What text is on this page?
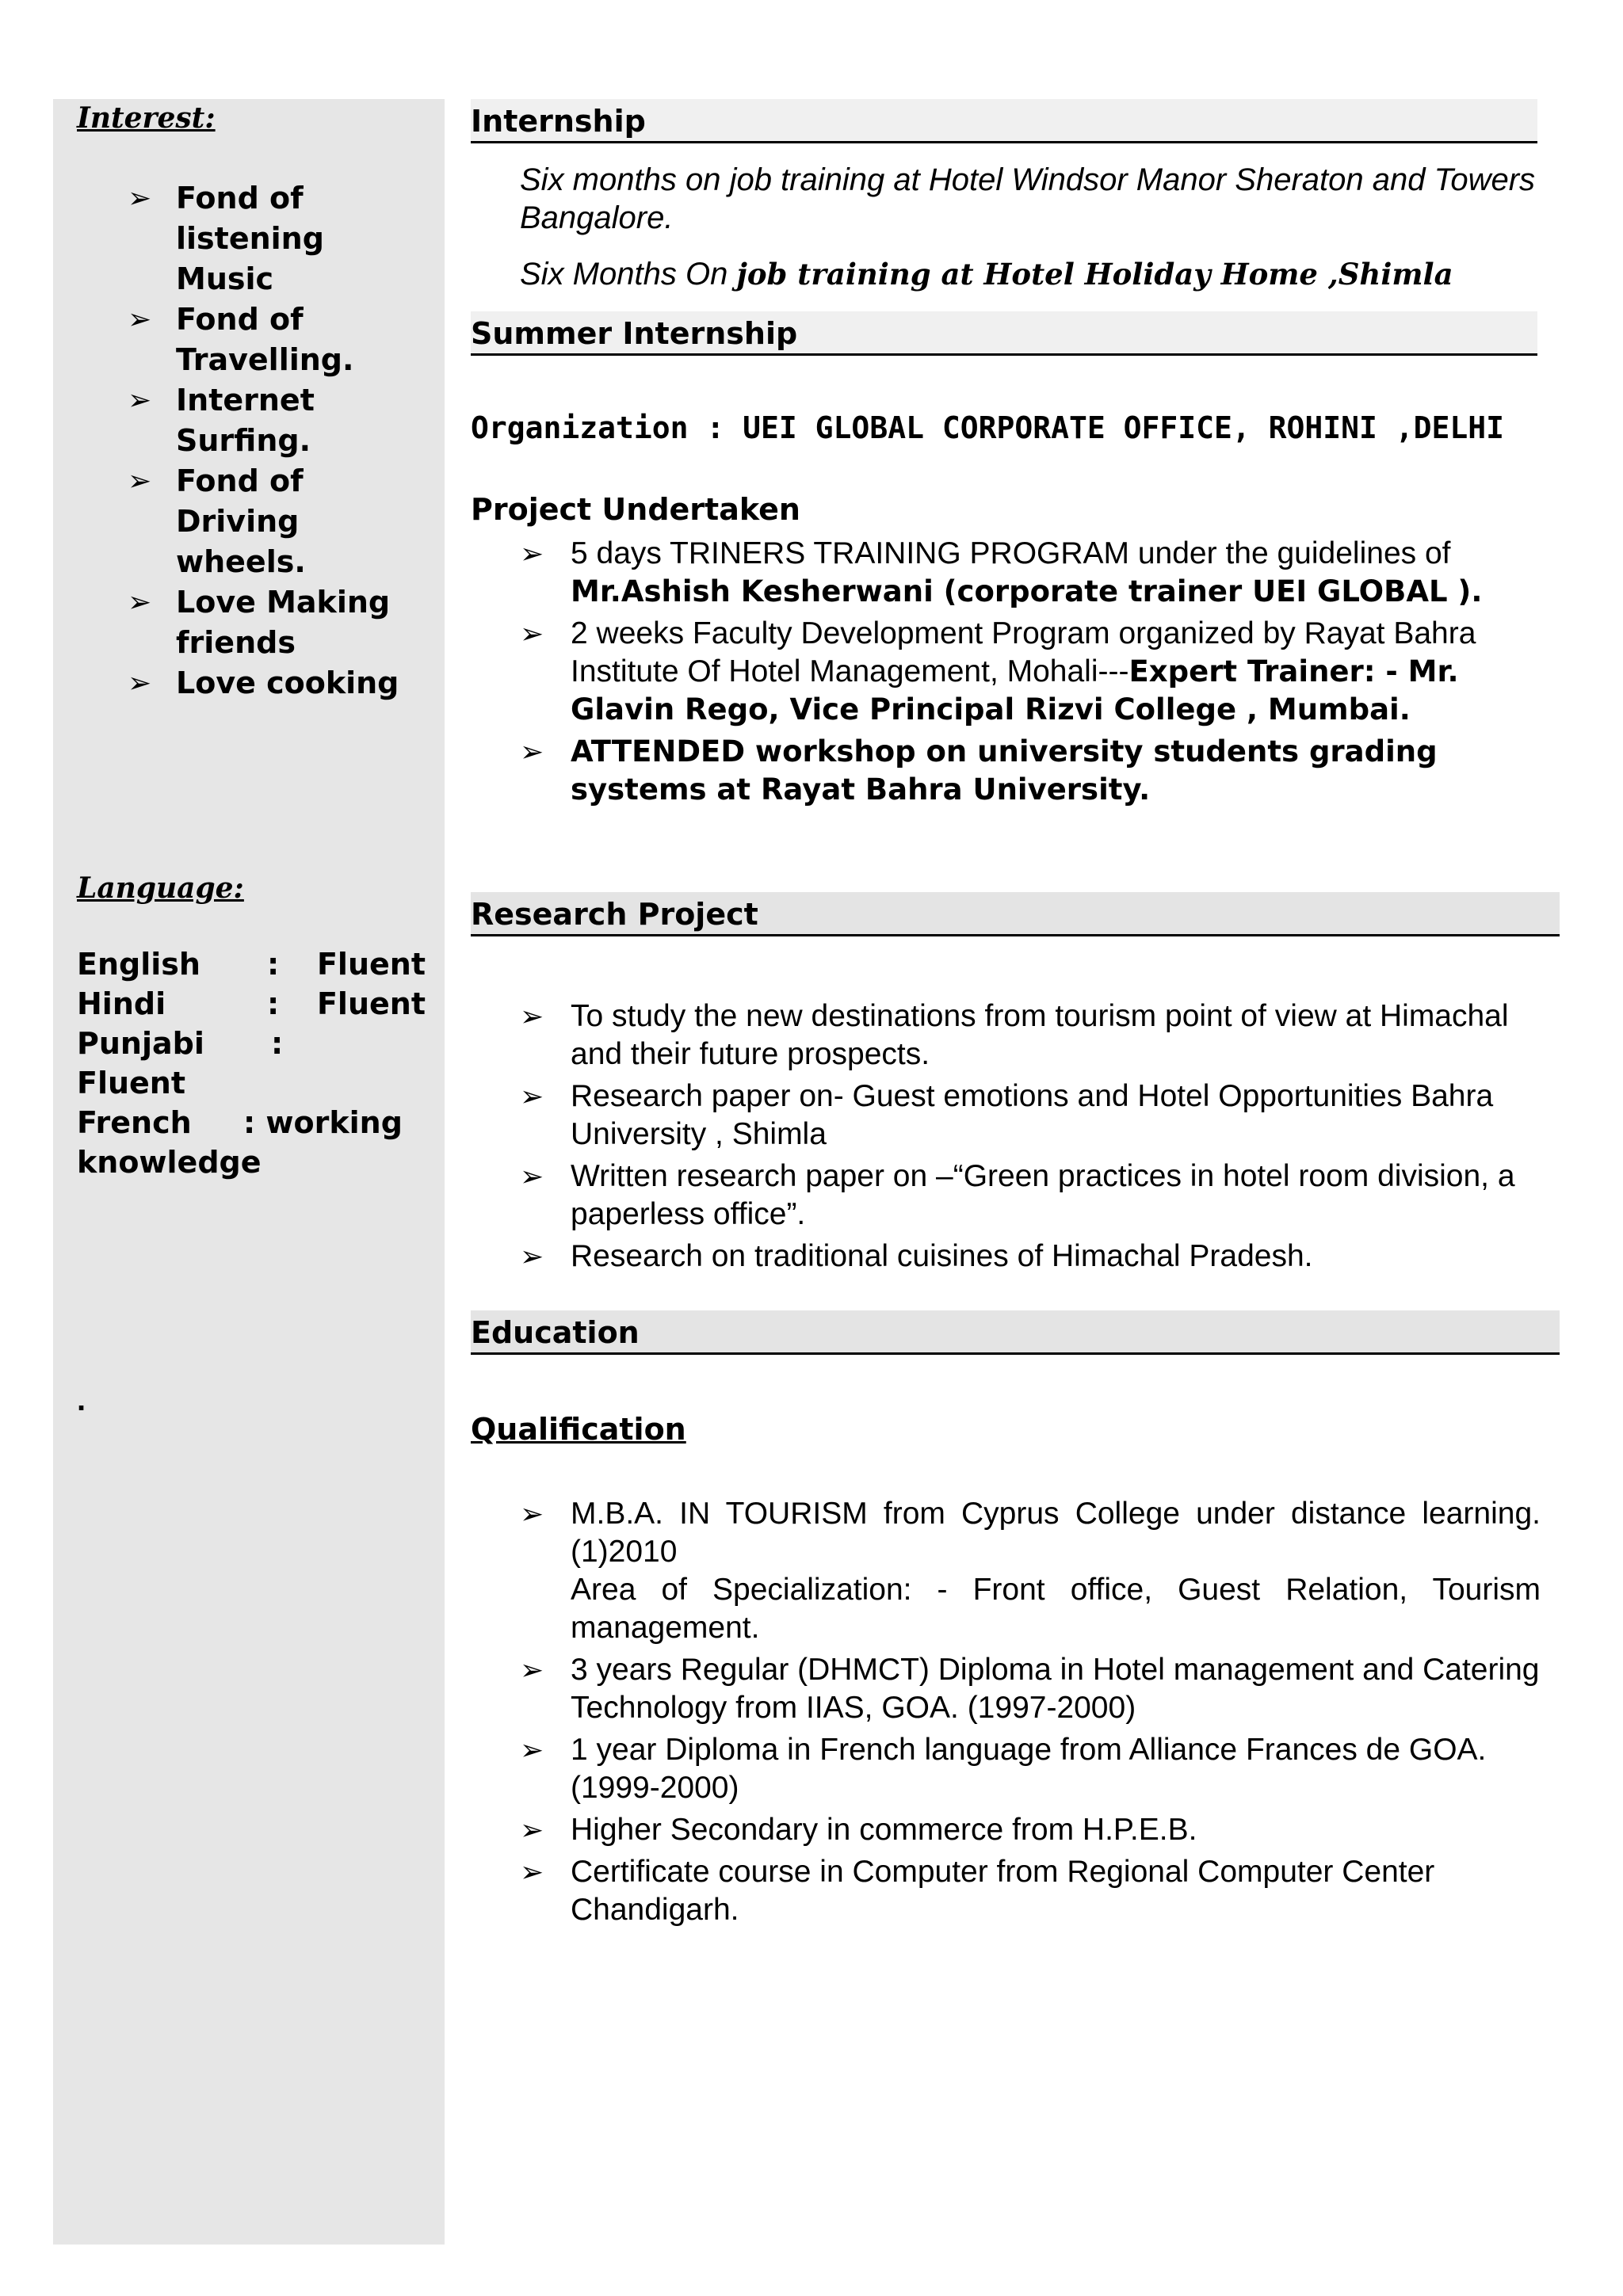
Interest:
➢ Fond of listening Music
➢ Fond of Travelling.
➢ Internet Surfing.
➢ Fond of Driving wheels.
➢ Love Making friends
➢ Love cooking
Language:
English : Fluent
Hindi	: Fluent
Punjabi :
Fluent
French : working
knowledge
.
Internship
Six months on job training at Hotel Windsor Manor Sheraton and Towers Bangalore.
Six Months On job training at Hotel Holiday Home ,Shimla
Summer Internship
Organization : UEI GLOBAL CORPORATE OFFICE, ROHINI ,DELHI
Project Undertaken
➢ 5 days TRINERS TRAINING PROGRAM under the guidelines of Mr.Ashish Kesherwani (corporate trainer UEI GLOBAL ).
➢ 2 weeks Faculty Development Program organized by Rayat Bahra Institute Of Hotel Management, Mohali---Expert Trainer: - Mr. Glavin Rego, Vice Principal Rizvi College , Mumbai.
➢ ATTENDED workshop on university students grading systems at Rayat Bahra University.
Research Project
➢ To study the new destinations from tourism point of view at Himachal and their future prospects.
➢ Research paper on- Guest emotions and Hotel Opportunities Bahra University , Shimla
➢ Written research paper on –“Green practices in hotel room division, a paperless office”.
➢ Research on traditional cuisines of Himachal Pradesh.
Education
Qualification
➢ M.B.A. IN TOURISM from Cyprus College under distance learning. (1)2010
Area of Specialization: - Front office, Guest Relation, Tourism management.
➢ 3 years Regular (DHMCT) Diploma in Hotel management and Catering Technology from IIAS, GOA. (1997-2000)
➢ 1 year Diploma in French language from Alliance Frances de GOA.(1999-2000)
➢ Higher Secondary in commerce from H.P.E.B.
➢ Certificate course in Computer from Regional Computer Center Chandigarh.
